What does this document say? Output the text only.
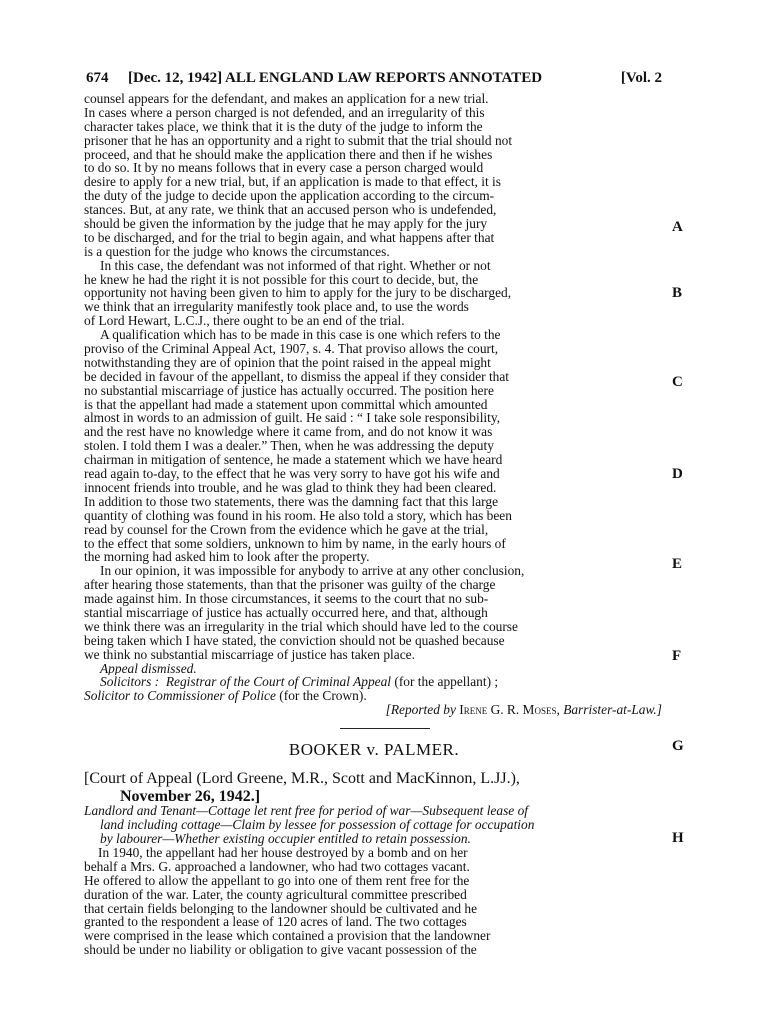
674 [Dec. 12, 1942] ALL ENGLAND LAW REPORTS ANNOTATED	[Vol. 2
counsel appears for the defendant, and makes an application for a new trial.
In cases where a person charged is not defended, and an irregularity of this
character takes place, we think that it is the duty of the judge to inform the
prisoner that he has an opportunity and a right to submit that the trial should not
proceed, and that he should make the application there and then if he wishes
to do so. It by no means follows that in every case a person charged would
desire to apply for a new trial, but, if an application is made to that effect, it is
the duty of the judge to decide upon the application according to the circum-
stances. But, at any rate, we think that an accused person who is undefended,
should be given the information by the judge that he may apply for the jury
to be discharged, and for the trial to begin again, and what happens after that
is a question for the judge who knows the circumstances.
In this case, the defendant was not informed of that right. Whether or not
he knew he had the right it is not possible for this court to decide, but, the
opportunity not having been given to him to apply for the jury to be discharged,
we think that an irregularity manifestly took place and, to use the words
of Lord Hewart, L.C.J., there ought to be an end of the trial.
A qualification which has to be made in this case is one which refers to the
proviso of the Criminal Appeal Act, 1907, s. 4. That proviso allows the court,
notwithstanding they are of opinion that the point raised in the appeal might
be decided in favour of the appellant, to dismiss the appeal if they consider that
no substantial miscarriage of justice has actually occurred. The position here
is that the appellant had made a statement upon committal which amounted
almost in words to an admission of guilt. He said : “ I take sole responsibility,
and the rest have no knowledge where it came from, and do not know it was
stolen. I told them I was a dealer.” Then, when he was addressing the deputy
chairman in mitigation of sentence, he made a statement which we have heard
read again to-day, to the effect that he was very sorry to have got his wife and
innocent friends into trouble, and he was glad to think they had been cleared.
In addition to those two statements, there was the damning fact that this large
quantity of clothing was found in his room. He also told a story, which has been
read by counsel for the Crown from the evidence which he gave at the trial,
to the effect that some soldiers, unknown to him by name, in the early hours of
the morning had asked him to look after the property.
In our opinion, it was impossible for anybody to arrive at any other conclusion,
after hearing those statements, than that the prisoner was guilty of the charge
made against him. In those circumstances, it seems to the court that no sub-
stantial miscarriage of justice has actually occurred here, and that, although
we think there was an irregularity in the trial which should have led to the course
being taken which I have stated, the conviction should not be quashed because
we think no substantial miscarriage of justice has taken place.
Appeal dismissed.
Solicitors : Registrar of the Court of Criminal Appeal (for the appellant) ;
Solicitor to Commissioner of Police (for the Crown).
[Reported by Irene G. R. Moses, Barrister-at-Law.]
BOOKER v. PALMER.
[Court of Appeal (Lord Greene, M.R., Scott and MacKinnon, L.JJ.),
November 26, 1942.]
Landlord and Tenant—Cottage let rent free for period of war—Subsequent lease of
land including cottage—Claim by lessee for possession of cottage for occupation
by labourer—Whether existing occupier entitled to retain possession.
In 1940, the appellant had her house destroyed by a bomb and on her
behalf a Mrs. G. approached a landowner, who had two cottages vacant.
He offered to allow the appellant to go into one of them rent free for the
duration of the war. Later, the county agricultural committee prescribed
that certain fields belonging to the landowner should be cultivated and he
granted to the respondent a lease of 120 acres of land. The two cottages
were comprised in the lease which contained a provision that the landowner
should be under no liability or obligation to give vacant possession of the
A
B
C
D
E
F
G
H
